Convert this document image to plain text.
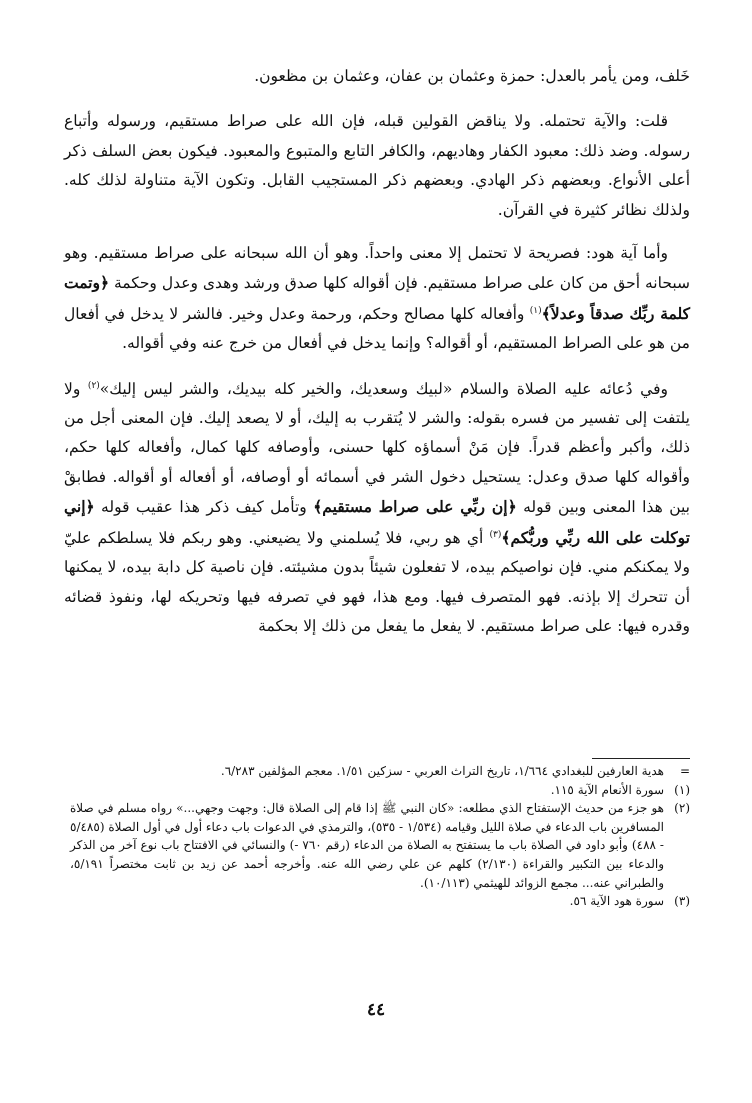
خَلف، ومن يأمر بالعدل: حمزة وعثمان بن عفان، وعثمان بن مظعون.

قلت: والآية تحتمله. ولا يناقض القولين قبله، فإن الله على صراط مستقيم، ورسوله وأتباع رسوله. وضد ذلك: معبود الكفار وهاديهم، والكافر التابع والمتبوع والمعبود. فيكون بعض السلف ذكر أعلى الأنواع. وبعضهم ذكر الهادي. وبعضهم ذكر المستجيب القابل. وتكون الآية متناولة لذلك كله. ولذلك نظائر كثيرة في القرآن.

وأما آية هود: فصريحة لا تحتمل إلا معنى واحداً. وهو أن الله سبحانه على صراط مستقيم. وهو سبحانه أحق من كان على صراط مستقيم. فإن أقواله كلها صدق ورشد وهدى وعدل وحكمة ﴿وتمت كلمة ربِّك صدقاً وعدلاً﴾$^{(١)}$ وأفعاله كلها مصالح وحكم، ورحمة وعدل وخير. فالشر لا يدخل في أفعال من هو على الصراط المستقيم، أو أقواله؟ وإنما يدخل في أفعال من خرج عنه وفي أقواله.

وفي دُعائه عليه الصلاة والسلام «لبيك وسعديك، والخير كله بيديك، والشر ليس إليك»$^{(٢)}$ ولا يلتفت إلى تفسير من فسره بقوله: والشر لا يُتقرب به إليك، أو لا يصعد إليك. فإن المعنى أجل من ذلك، وأكبر وأعظم قدراً. فإن مَنْ أسماؤه كلها حسنى، وأوصافه كلها كمال، وأفعاله كلها حكم، وأقواله كلها صدق وعدل: يستحيل دخول الشر في أسمائه أو أوصافه، أو أفعاله أو أقواله. فطابقْ بين هذا المعنى وبين قوله ﴿إن ربِّي على صراط مستقيم﴾ وتأمل كيف ذكر هذا عقيب قوله ﴿إني توكلت على الله ربِّي وربُّكم﴾$^{(٣)}$ أي هو ربي، فلا يُسلمني ولا يضيعني. وهو ربكم فلا يسلطكم عليّ ولا يمكنكم مني. فإن نواصيكم بيده، لا تفعلون شيئاً بدون مشيئته. فإن ناصية كل دابة بيده، لا يمكنها أن تتحرك إلا بإذنه. فهو المتصرف فيها. ومع هذا، فهو في تصرفه فيها وتحريكه لها، ونفوذ قضائه وقدره فيها: على صراط مستقيم. لا يفعل ما يفعل من ذلك إلا بحكمة

=
هدية العارفين للبغدادي ١/٦٦٤، تاريخ التراث العربي - سزكين ١/٥١. معجم المؤلفين ٦/٢٨٣.
(١)
سورة الأنعام الآية ١١٥.
(٢)
هو جزء من حديث الإستفتاح الذي مطلعه: «كان النبي ﷺ إذا قام إلى الصلاة قال: وجهت وجهي...» رواه مسلم في صلاة المسافرين باب الدعاء في صلاة الليل وقيامه (١/٥٣٤ - ٥٣٥)، والترمذي في الدعوات باب دعاء أول في أول الصلاة (٥/٤٨٥ - ٤٨٨) وأبو داود في الصلاة باب ما يستفتح به الصلاة من الدعاء (رقم ٧٦٠ -) والنسائي في الافتتاح باب نوع آخر من الذكر والدعاء بين التكبير والقراءة (٢/١٣٠) كلهم عن علي رضي الله عنه. وأخرجه أحمد عن زيد بن ثابت مختصراً ٥/١٩١، والطبراني عنه... مجمع الزوائد للهيثمي (١٠/١١٣).
(٣)
سورة هود الآية ٥٦.
٤٤
